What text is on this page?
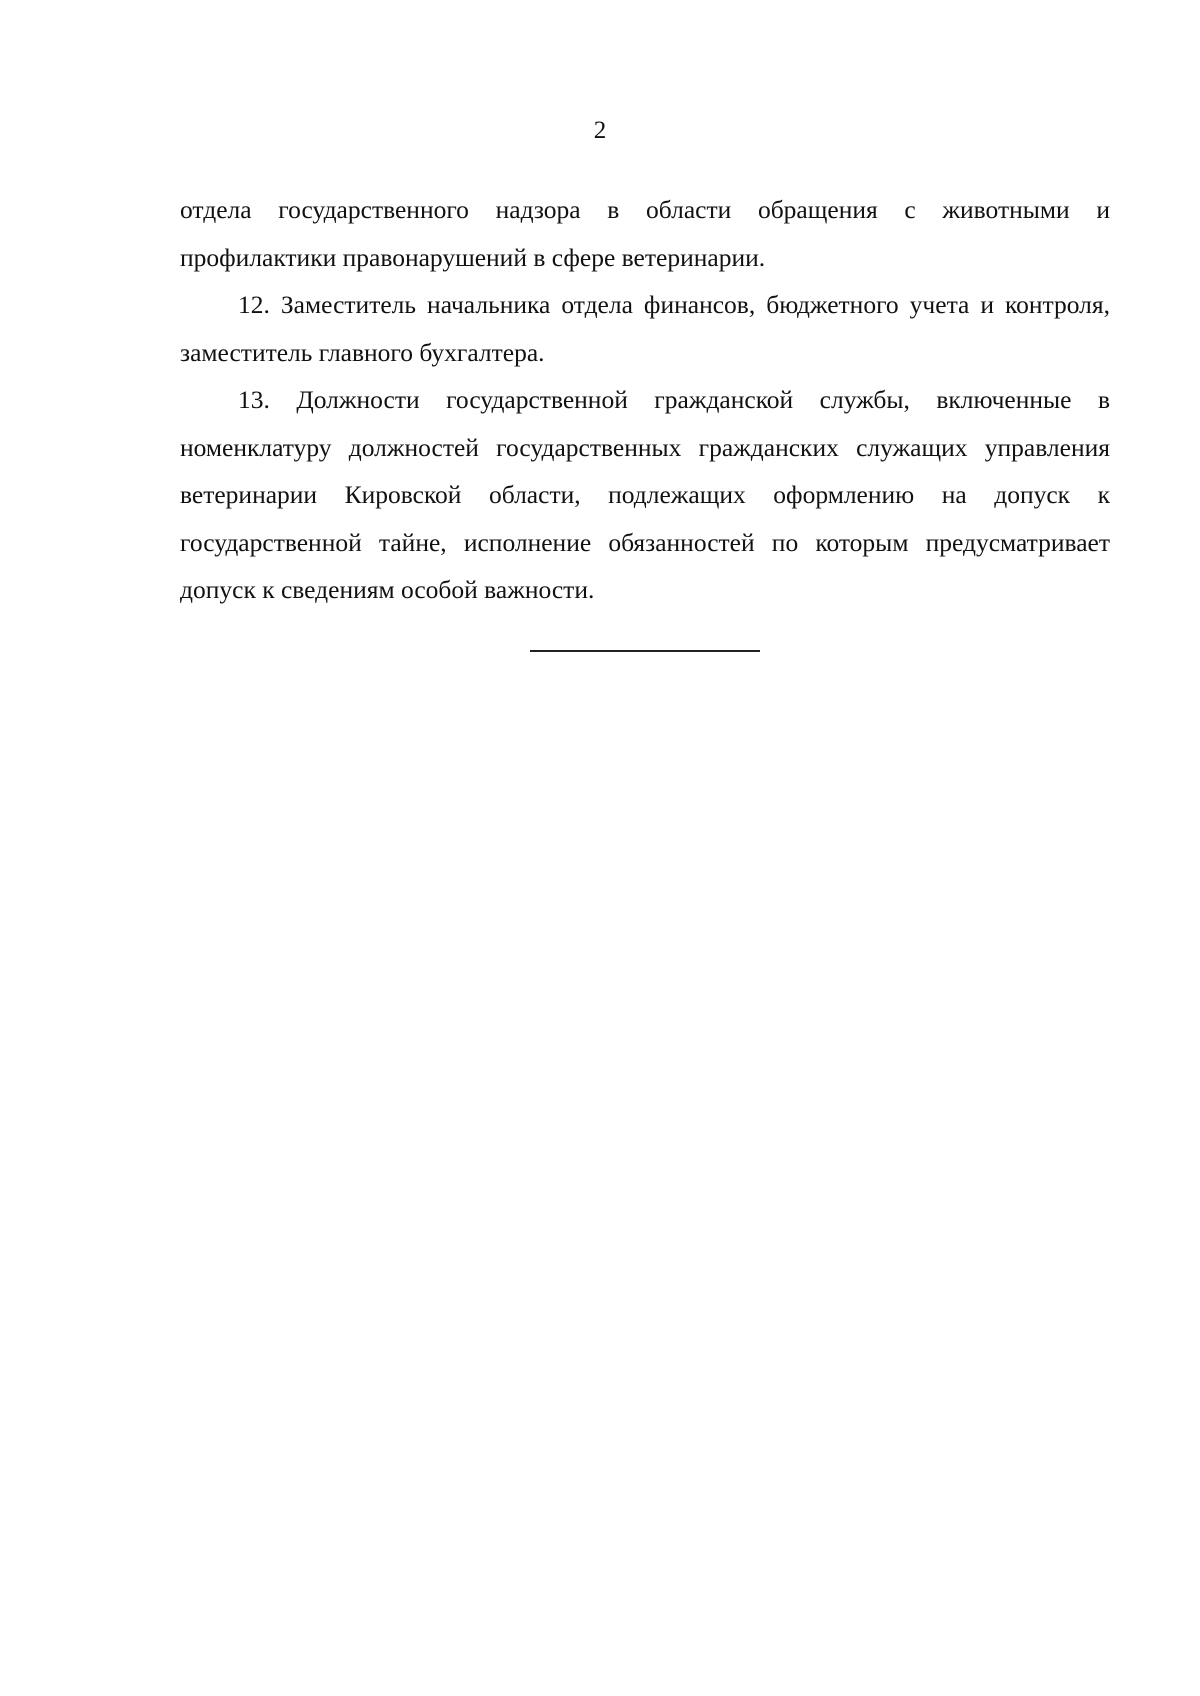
2

отдела государственного надзора в области обращения с животными и профилактики правонарушений в сфере ветеринарии.

12. Заместитель начальника отдела финансов, бюджетного учета и контроля, заместитель главного бухгалтера.

13. Должности государственной гражданской службы, включенные в номенклатуру должностей государственных гражданских служащих управления ветеринарии Кировской области, подлежащих оформлению на допуск к государственной тайне, исполнение обязанностей по которым предусматривает допуск к сведениям особой важности.
